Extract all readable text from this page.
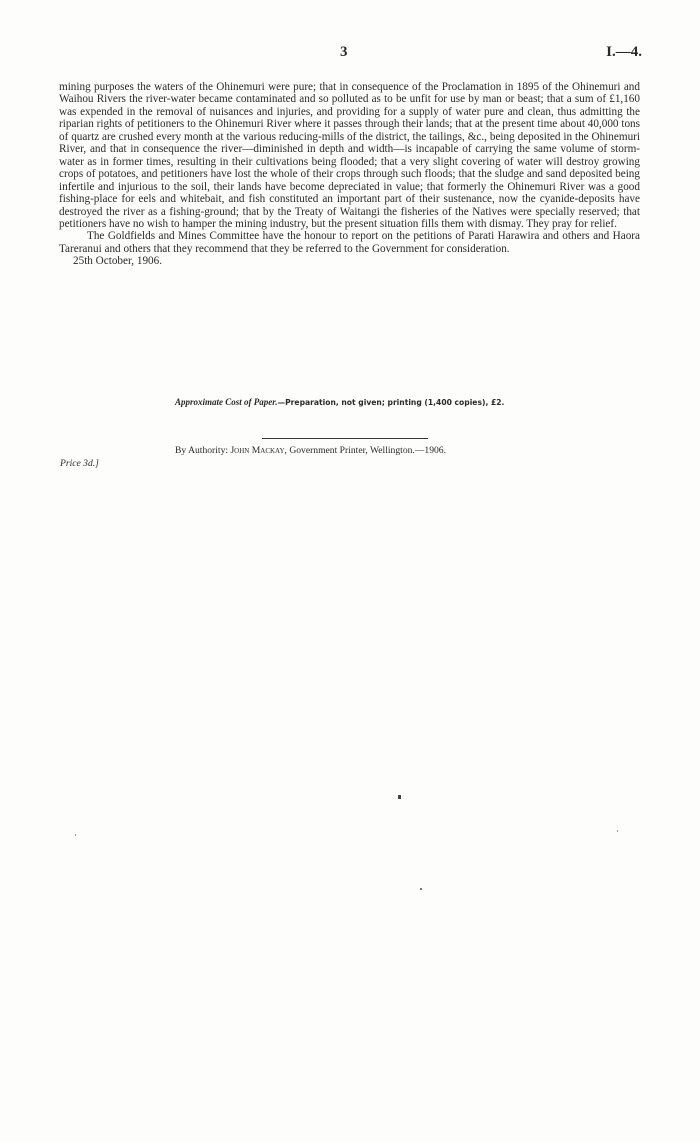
3	I.—4.

mining purposes the waters of the Ohinemuri were pure; that in consequence of the Proclamation in 1895 of the Ohinemuri and Waihou Rivers the river-water became contaminated and so polluted as to be unfit for use by man or beast; that a sum of £1,160 was expended in the removal of nuisances and injuries, and providing for a supply of water pure and clean, thus admitting the riparian rights of petitioners to the Ohinemuri River where it passes through their lands; that at the present time about 40,000 tons of quartz are crushed every month at the various reducing-mills of the district, the tailings, &c., being deposited in the Ohinemuri River, and that in consequence the river—diminished in depth and width—is incapable of carrying the same volume of storm-water as in former times, resulting in their cultivations being flooded; that a very slight covering of water will destroy growing crops of potatoes, and petitioners have lost the whole of their crops through such floods; that the sludge and sand deposited being infertile and injurious to the soil, their lands have become depreciated in value; that formerly the Ohinemuri River was a good fishing-place for eels and whitebait, and fish constituted an important part of their sustenance, now the cyanide-deposits have destroyed the river as a fishing-ground; that by the Treaty of Waitangi the fisheries of the Natives were specially reserved; that petitioners have no wish to hamper the mining industry, but the present situation fills them with dismay. They pray for relief.

The Goldfields and Mines Committee have the honour to report on the petitions of Parati Harawira and others and Haora Tareranui and others that they recommend that they be referred to the Government for consideration.

25th October, 1906.

Approximate Cost of Paper.—Preparation, not given; printing (1,400 copies), £2.
By Authority: John Mackay, Government Printer, Wellington.—1906.
Price 3d.]
